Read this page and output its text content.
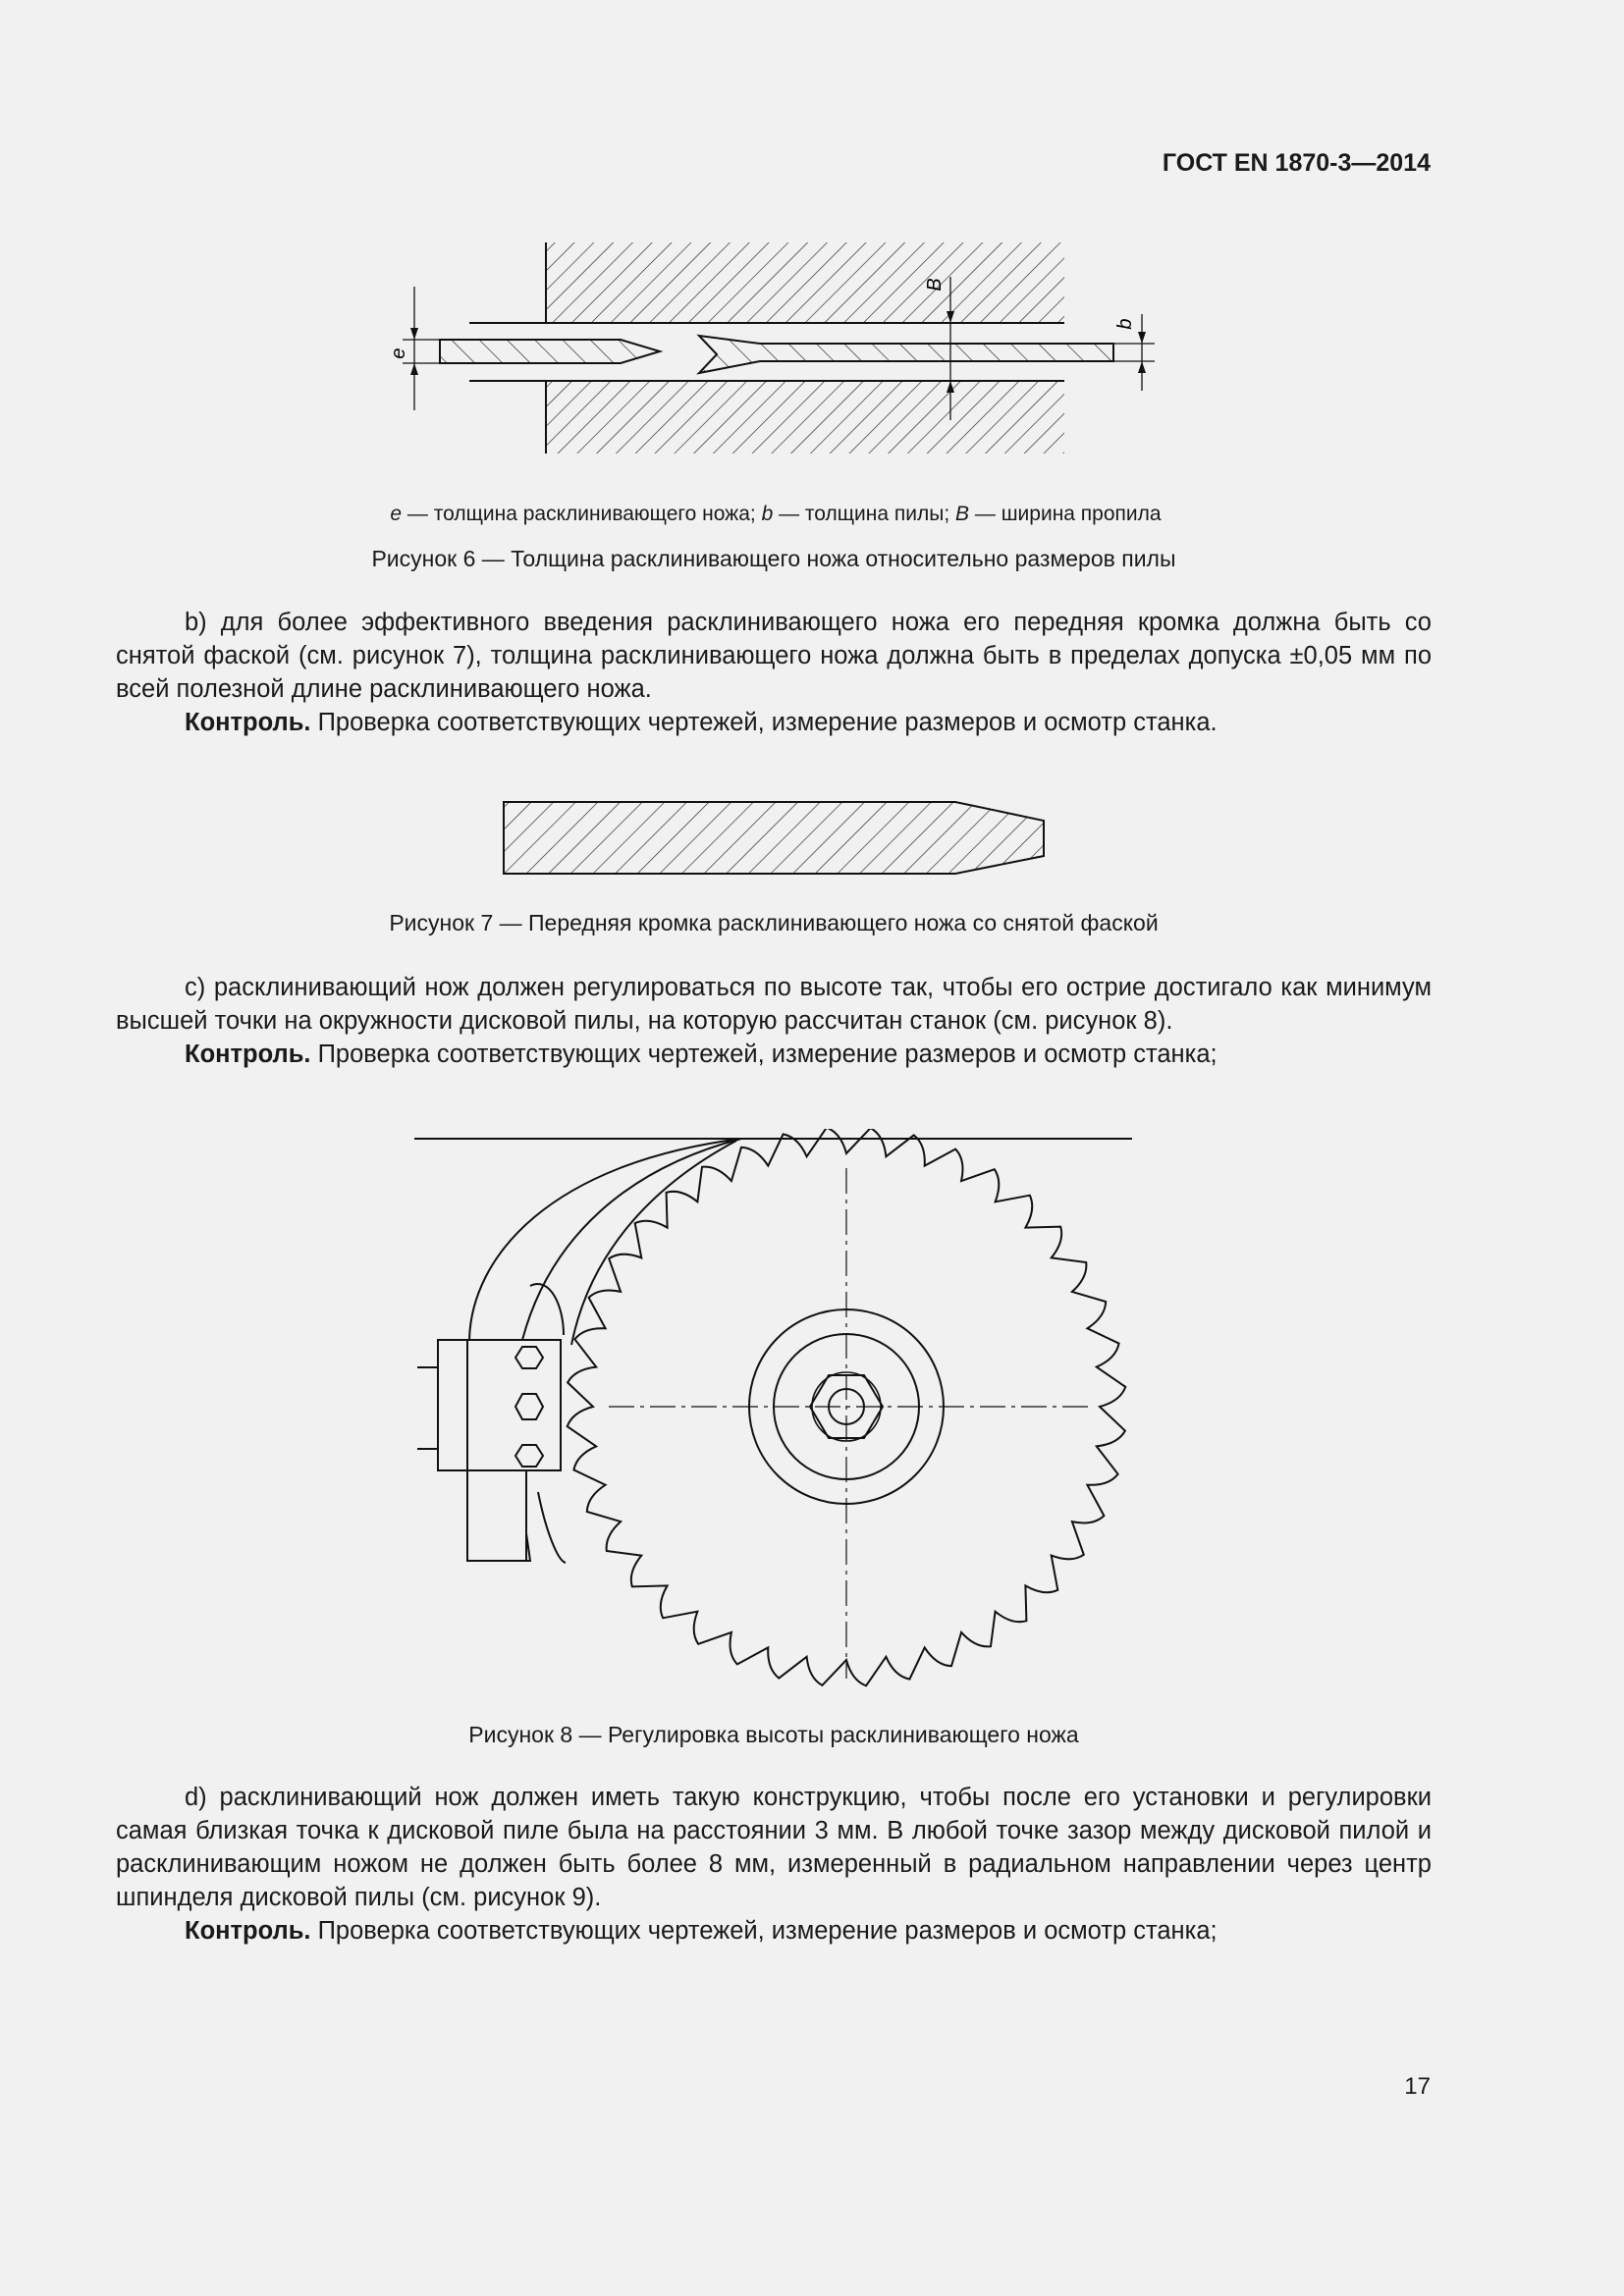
ГОСТ EN 1870-3—2014
e
B
b
e — толщина расклинивающего ножа; b — толщина пилы; B — ширина пропила
Рисунок 6 — Толщина расклинивающего ножа относительно размеров пилы

b) для более эффективного введения расклинивающего ножа его передняя кромка должна быть со снятой фаской (см. рисунок 7), толщина расклинивающего ножа должна быть в пределах допуска ±0,05 мм по всей полезной длине расклинивающего ножа.

Контроль. Проверка соответствующих чертежей, измерение размеров и осмотр станка.

Рисунок 7 — Передняя кромка расклинивающего ножа со снятой фаской

c) расклинивающий нож должен регулироваться по высоте так, чтобы его острие достигало как минимум высшей точки на окружности дисковой пилы, на которую рассчитан станок (см. рисунок 8).

Контроль. Проверка соответствующих чертежей, измерение размеров и осмотр станка;

Рисунок 8 — Регулировка высоты расклинивающего ножа

d) расклинивающий нож должен иметь такую конструкцию, чтобы после его установки и регулировки самая близкая точка к дисковой пиле была на расстоянии 3 мм. В любой точке зазор между дисковой пилой и расклинивающим ножом не должен быть более 8 мм, измеренный в радиальном направлении через центр шпинделя дисковой пилы (см. рисунок 9).

Контроль. Проверка соответствующих чертежей, измерение размеров и осмотр станка;

17
